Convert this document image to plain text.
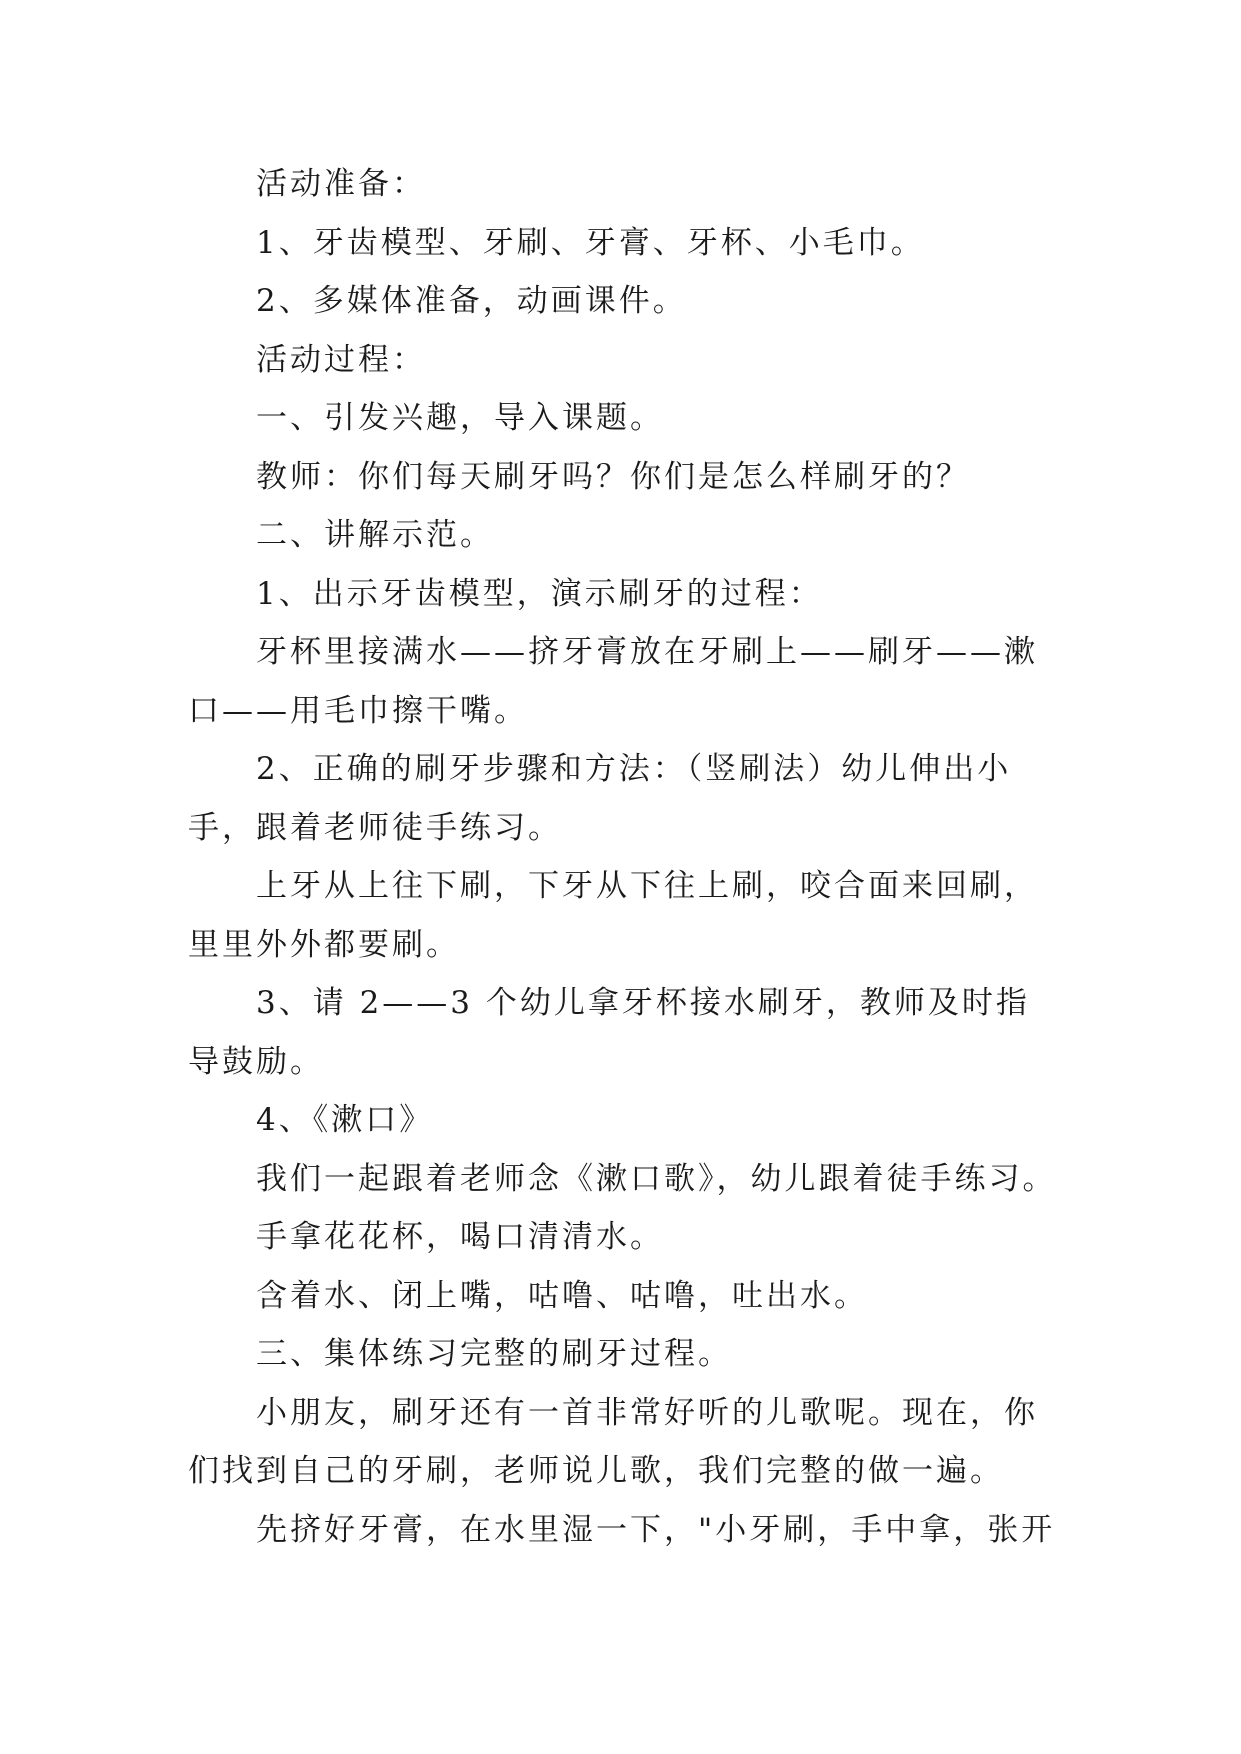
活动准备：

1、牙齿模型、牙刷、牙膏、牙杯、小毛巾。

2、多媒体准备，动画课件。

活动过程：

一、引发兴趣，导入课题。

教师：你们每天刷牙吗？你们是怎么样刷牙的？

二、讲解示范。

1、出示牙齿模型，演示刷牙的过程：

牙杯里接满水——挤牙膏放在牙刷上——刷牙——漱口——用毛巾擦干嘴。

2、正确的刷牙步骤和方法：（竖刷法）幼儿伸出小手，跟着老师徒手练习。

上牙从上往下刷，下牙从下往上刷，咬合面来回刷，里里外外都要刷。

3、请 2——3 个幼儿拿牙杯接水刷牙，教师及时指导鼓励。

4、《漱口》

我们一起跟着老师念《漱口歌》，幼儿跟着徒手练习。

手拿花花杯，喝口清清水。

含着水、闭上嘴，咕噜、咕噜，吐出水。

三、集体练习完整的刷牙过程。

小朋友，刷牙还有一首非常好听的儿歌呢。现在，你们找到自己的牙刷，老师说儿歌，我们完整的做一遍。

先挤好牙膏，在水里湿一下，"小牙刷，手中拿，张开
